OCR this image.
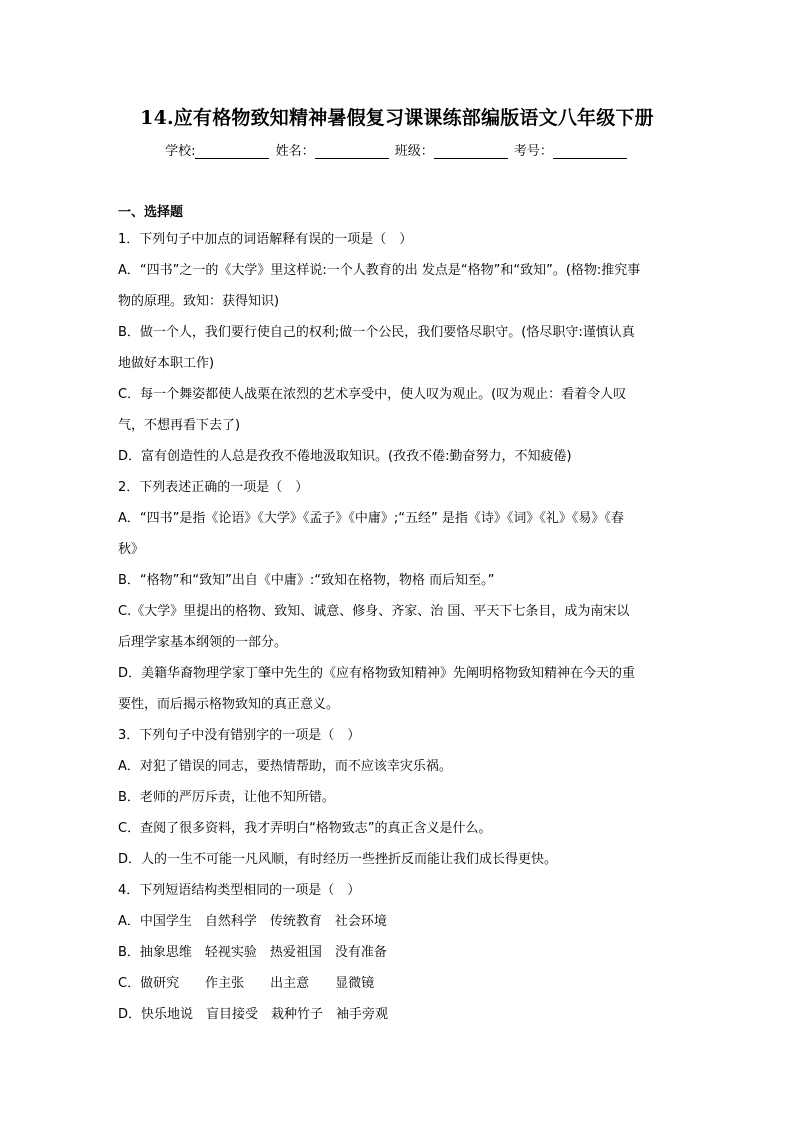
14.应有格物致知精神暑假复习课课练部编版语文八年级下册
学校:	姓名：	班级：	考号：
一、选择题
1．下列句子中加点的词语解释有误的一项是（　）
A．“四书”之一的《大学》里这样说:一个人教育的出 发点是“格物”和“致知”。(格物:推究事
物的原理。致知：获得知识)
B．做一个人，我们要行使自己的权利;做一个公民，我们要恪尽职守。(恪尽职守:谨慎认真
地做好本职工作)
C．每一个舞姿都使人战栗在浓烈的艺术享受中，使人叹为观止。(叹为观止：看着令人叹
气，不想再看下去了)
D．富有创造性的人总是孜孜不倦地汲取知识。(孜孜不倦:勤奋努力，不知疲倦)
2．下列表述正确的一项是（　）
A．“四书”是指《论语》《大学》《孟子》《中庸》;“五经” 是指《诗》《词》《礼》《易》《春
秋》
B．“格物”和“致知”出自《中庸》:“致知在格物，物格 而后知至。”
C.《大学》里提出的格物、致知、诚意、修身、齐家、治 国、平天下七条目，成为南宋以
后理学家基本纲领的一部分。
D．美籍华裔物理学家丁肇中先生的《应有格物致知精神》先阐明格物致知精神在今天的重
要性，而后揭示格物致知的真正意义。
3．下列句子中没有错别字的一项是（　）
A．对犯了错误的同志，要热情帮助，而不应该幸灾乐祸。
B．老师的严厉斥责，让他不知所错。
C．查阅了很多资料，我才弄明白“格物致志”的真正含义是什么。
D．人的一生不可能一凡风顺，有时经历一些挫折反而能让我们成长得更快。
4．下列短语结构类型相同的一项是（　）
A．中国学生　自然科学　传统教育　社会环境
B．抽象思维　轻视实验　热爱祖国　没有准备
C．做研究　　作主张　　出主意　　显微镜
D．快乐地说　盲目接受　栽种竹子　袖手旁观
